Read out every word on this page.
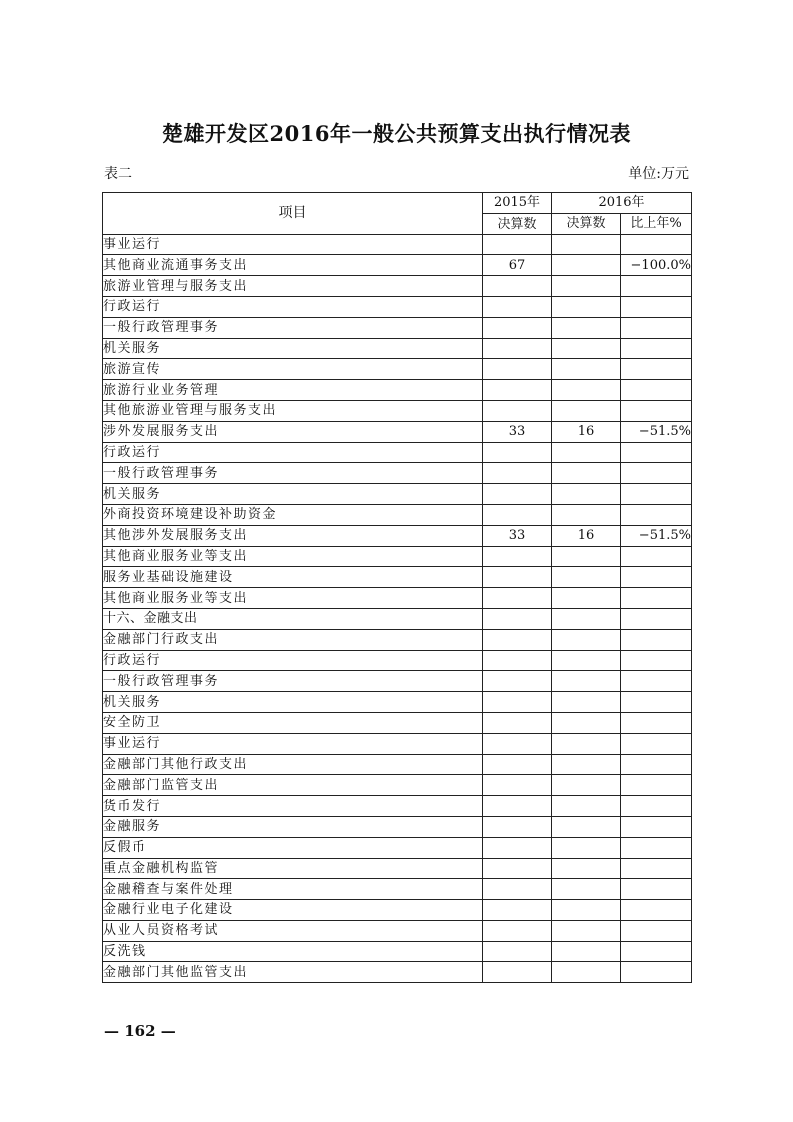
楚雄开发区2016年一般公共预算支出执行情况表
表二	单位:万元
项目	2015年	2016年	
	决算数	决算数	比上年%
事业运行			
其他商业流通事务支出	67		−100.0%
旅游业管理与服务支出			
行政运行			
一般行政管理事务			
机关服务			
旅游宣传			
旅游行业业务管理			
其他旅游业管理与服务支出			
涉外发展服务支出	33	16	−51.5%
行政运行			
一般行政管理事务			
机关服务			
外商投资环境建设补助资金			
其他涉外发展服务支出	33	16	−51.5%
其他商业服务业等支出			
服务业基础设施建设			
其他商业服务业等支出			
十六、金融支出			
金融部门行政支出			
行政运行			
一般行政管理事务			
机关服务			
安全防卫			
事业运行			
金融部门其他行政支出			
金融部门监管支出			
货币发行			
金融服务			
反假币			
重点金融机构监管			
金融稽查与案件处理			
金融行业电子化建设			
从业人员资格考试			
反洗钱			
金融部门其他监管支出			
— 162 —
